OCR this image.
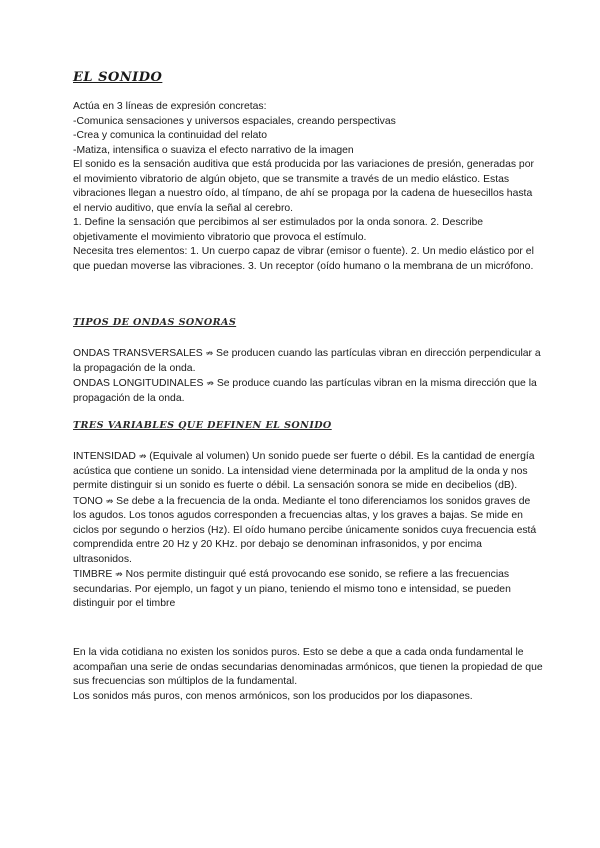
EL SONIDO

Actúa en 3 líneas de expresión concretas:

-Comunica sensaciones y universos espaciales, creando perspectivas

-Crea y comunica la continuidad del relato

-Matiza, intensifica o suaviza el efecto narrativo de la imagen

El sonido es la sensación auditiva que está producida por las variaciones de presión, generadas por el movimiento vibratorio de algún objeto, que se transmite a través de un medio elástico. Estas vibraciones llegan a nuestro oído, al tímpano, de ahí se propaga por la cadena de huesecillos hasta el nervio auditivo, que envía la señal al cerebro.

1. Define la sensación que percibimos al ser estimulados por la onda sonora. 2. Describe objetivamente el movimiento vibratorio que provoca el estímulo.

Necesita tres elementos: 1. Un cuerpo capaz de vibrar (emisor o fuente). 2. Un medio elástico por el que puedan moverse las vibraciones. 3. Un receptor (oído humano o la membrana de un micrófono.

TIPOS DE ONDAS SONORAS

ONDAS TRANSVERSALES ⇏ Se producen cuando las partículas vibran en dirección perpendicular a la propagación de la onda.

ONDAS LONGITUDINALES ⇏ Se produce cuando las partículas vibran en la misma dirección que la propagación de la onda.

TRES VARIABLES QUE DEFINEN EL SONIDO

INTENSIDAD ⇏ (Equivale al volumen) Un sonido puede ser fuerte o débil. Es la cantidad de energía acústica que contiene un sonido. La intensidad viene determinada por la amplitud de la onda y nos permite distinguir si un sonido es fuerte o débil. La sensación sonora se mide en decibelios (dB).

TONO ⇏ Se debe a la frecuencia de la onda. Mediante el tono diferenciamos los sonidos graves de los agudos. Los tonos agudos corresponden a frecuencias altas, y los graves a bajas. Se mide en ciclos por segundo o herzios (Hz). El oído humano percibe únicamente sonidos cuya frecuencia está comprendida entre 20 Hz y 20 KHz. por debajo se denominan infrasonidos, y por encima ultrasonidos.

TIMBRE ⇏ Nos permite distinguir qué está provocando ese sonido, se refiere a las frecuencias secundarias. Por ejemplo, un fagot y un piano, teniendo el mismo tono e intensidad, se pueden distinguir por el timbre

En la vida cotidiana no existen los sonidos puros. Esto se debe a que a cada onda fundamental le acompañan una serie de ondas secundarias denominadas armónicos, que tienen la propiedad de que sus frecuencias son múltiplos de la fundamental.

Los sonidos más puros, con menos armónicos, son los producidos por los diapasones.
